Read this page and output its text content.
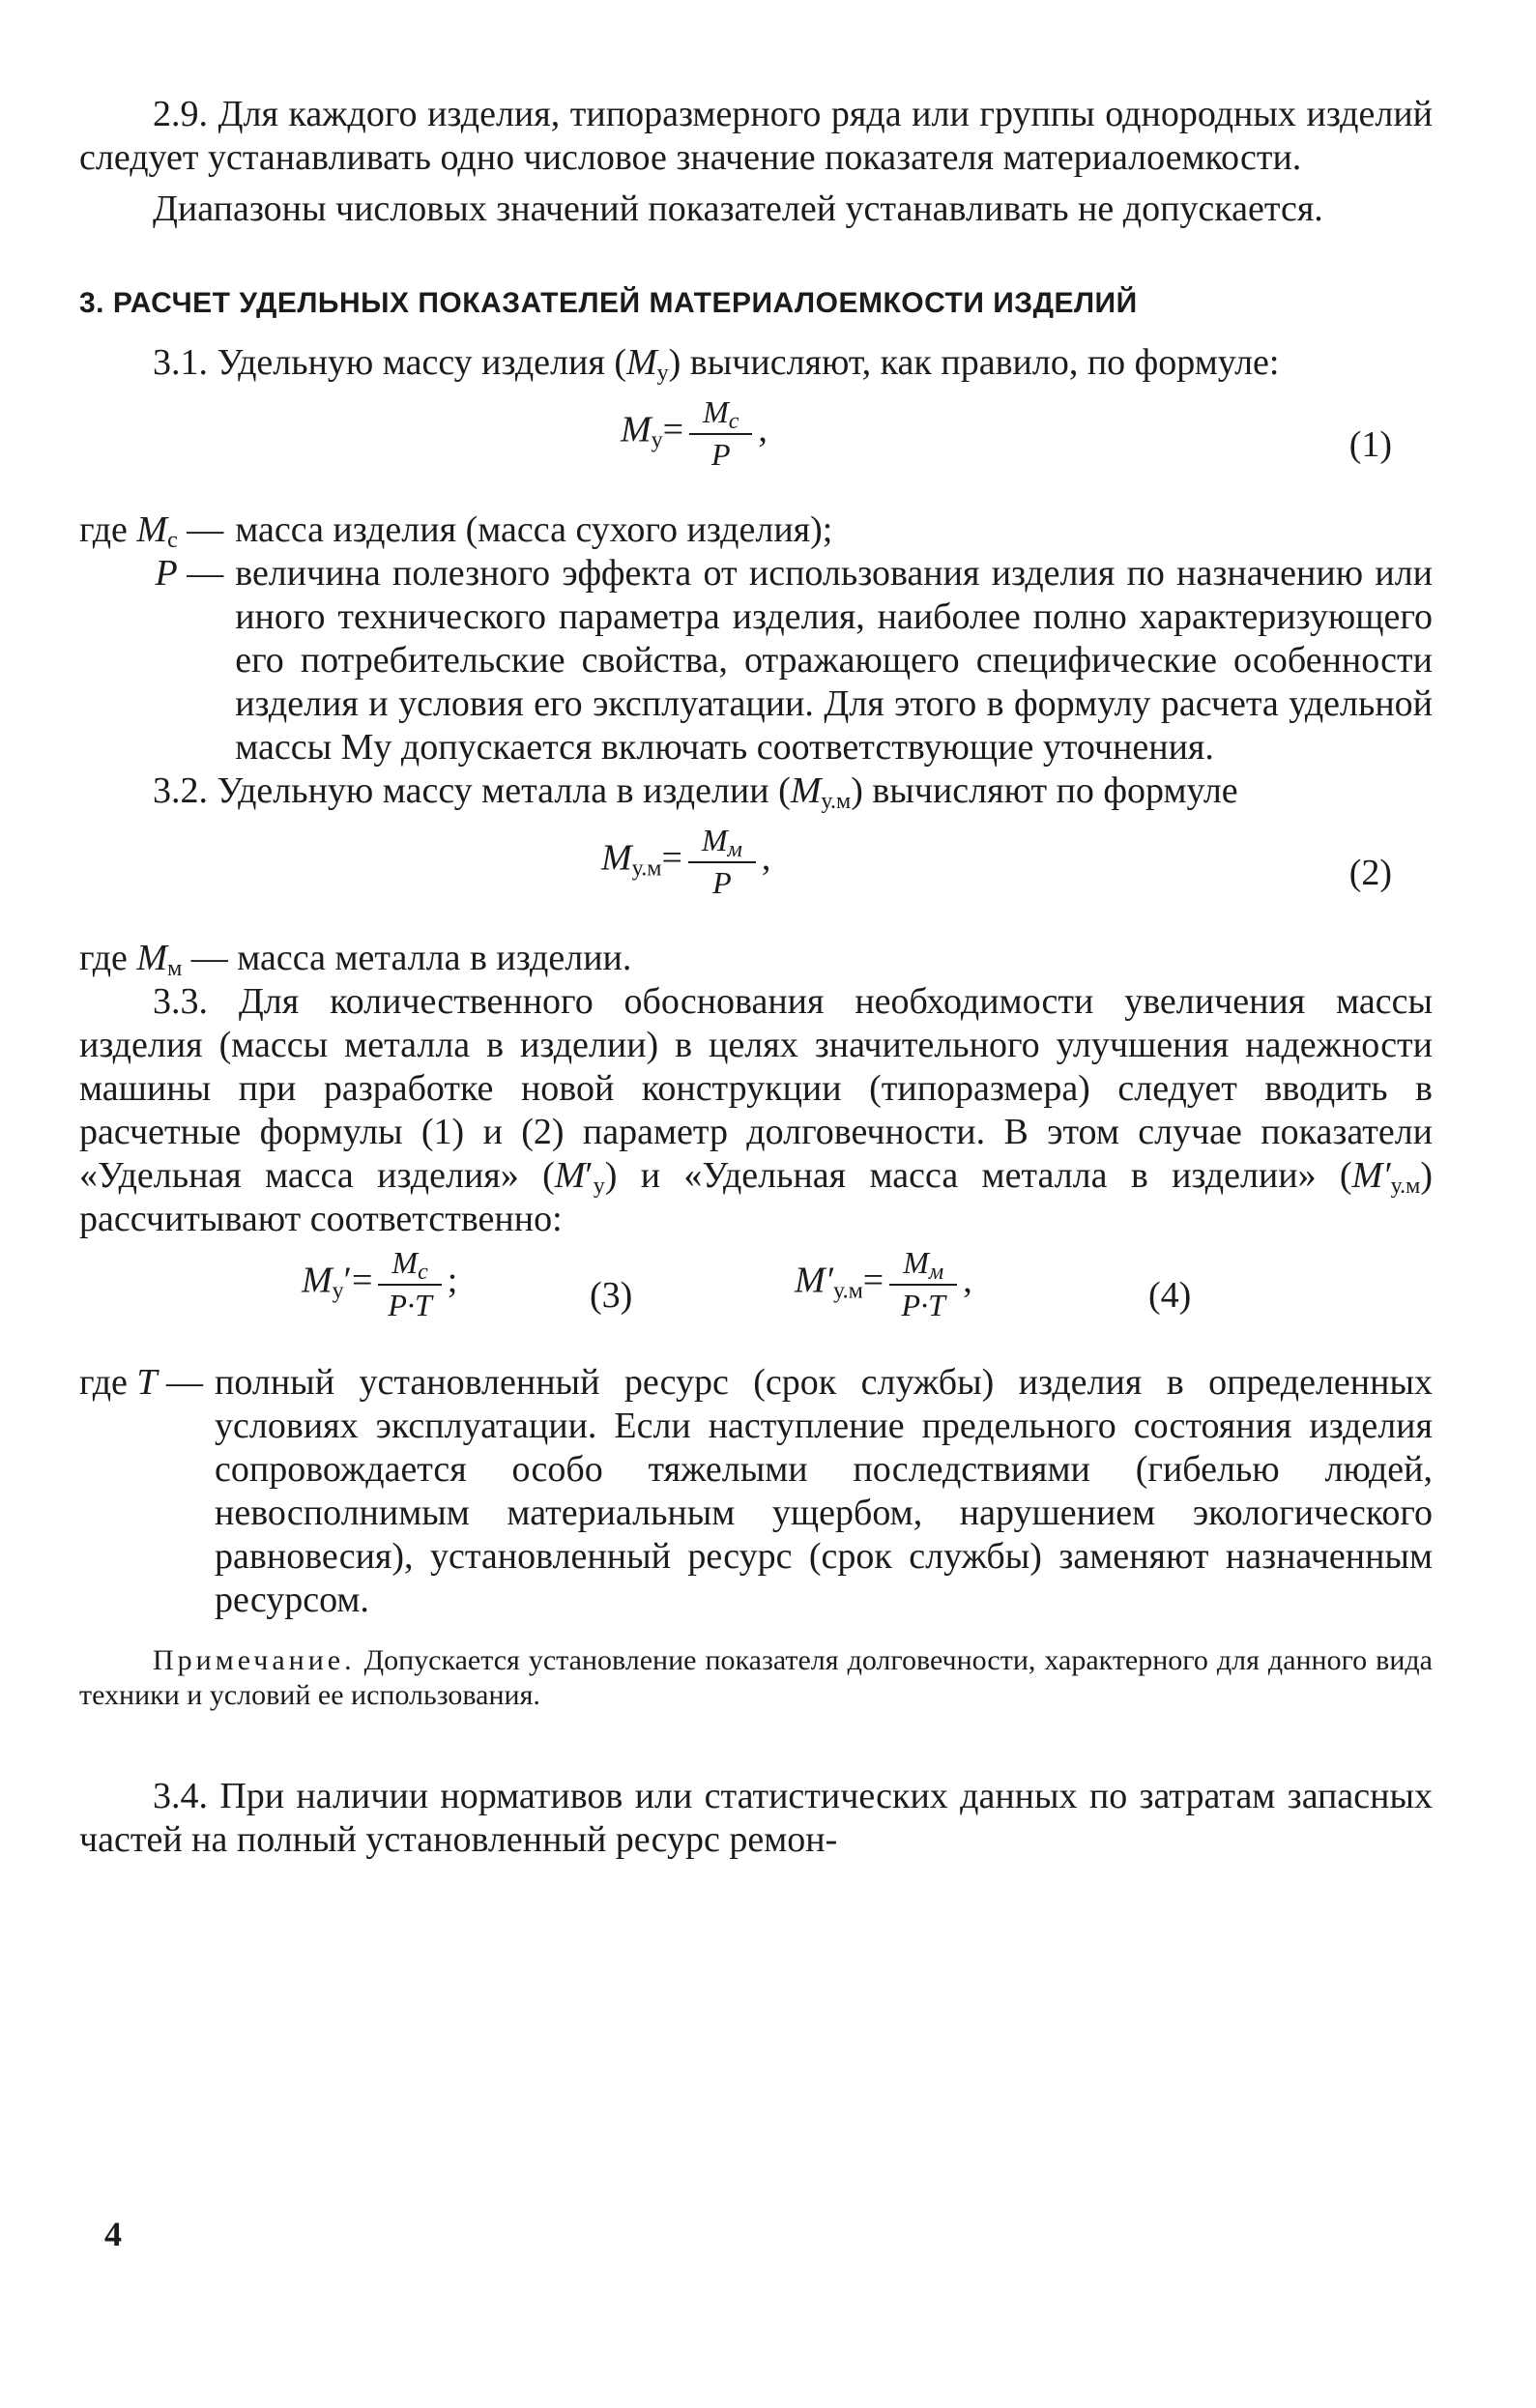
2.9. Для каждого изделия, типоразмерного ряда или группы однородных изделий следует устанавливать одно числовое значение показателя материалоемкости.

Диапазоны числовых значений показателей устанавливать не допускается.

3. РАСЧЕТ УДЕЛЬНЫХ ПОКАЗАТЕЛЕЙ МАТЕРИАЛОЕМКОСТИ ИЗДЕЛИЙ

3.1. Удельную массу изделия $(M_у)$ вычисляют, как правило, по формуле:

$M_у= \frac{M_с}{P}$ ,	(1)
где $M_с$ — масса изделия (масса сухого изделия);
P — величина полезного эффекта от использования изделия по назначению или иного технического параметра изделия, наиболее полно характеризующего его потребительские свойства, отражающего специфические особенности изделия и условия его эксплуатации. Для этого в формулу расчета удельной массы Mу допускается включать соответствующие уточнения.

3.2. Удельную массу металла в изделии $(M_{у.м})$ вычисляют по формуле

$M_{у.м}= \frac{M_м}{P}$ ,	(2)

где $M_м$ — масса металла в изделии.

3.3. Для количественного обоснования необходимости увеличения массы изделия (массы металла в изделии) в целях значительного улучшения надежности машины при разработке новой конструкции (типоразмера) следует вводить в расчетные формулы (1) и (2) параметр долговечности. В этом случае показатели «Удельная масса изделия» $(M'_у)$ и «Удельная масса металла в изделии» $(M'_{у.м})$ рассчитывают соответственно:

$M_у'= \frac{M_с}{P\cdot T}$ ;	(3)	$M'_{у.м}= \frac{M_м}{P\cdot T}$ ,	(4)
где T — полный установленный ресурс (срок службы) изделия в определенных условиях эксплуатации. Если наступление предельного состояния изделия сопровождается особо тяжелыми последствиями (гибелью людей, невосполнимым материальным ущербом, нарушением экологического равновесия), установленный ресурс (срок службы) заменяют назначенным ресурсом.
Примечание. Допускается установление показателя долговечности, характерного для данного вида техники и условий ее использования.

3.4. При наличии нормативов или статистических данных по затратам запасных частей на полный установленный ресурс ремон-

4
